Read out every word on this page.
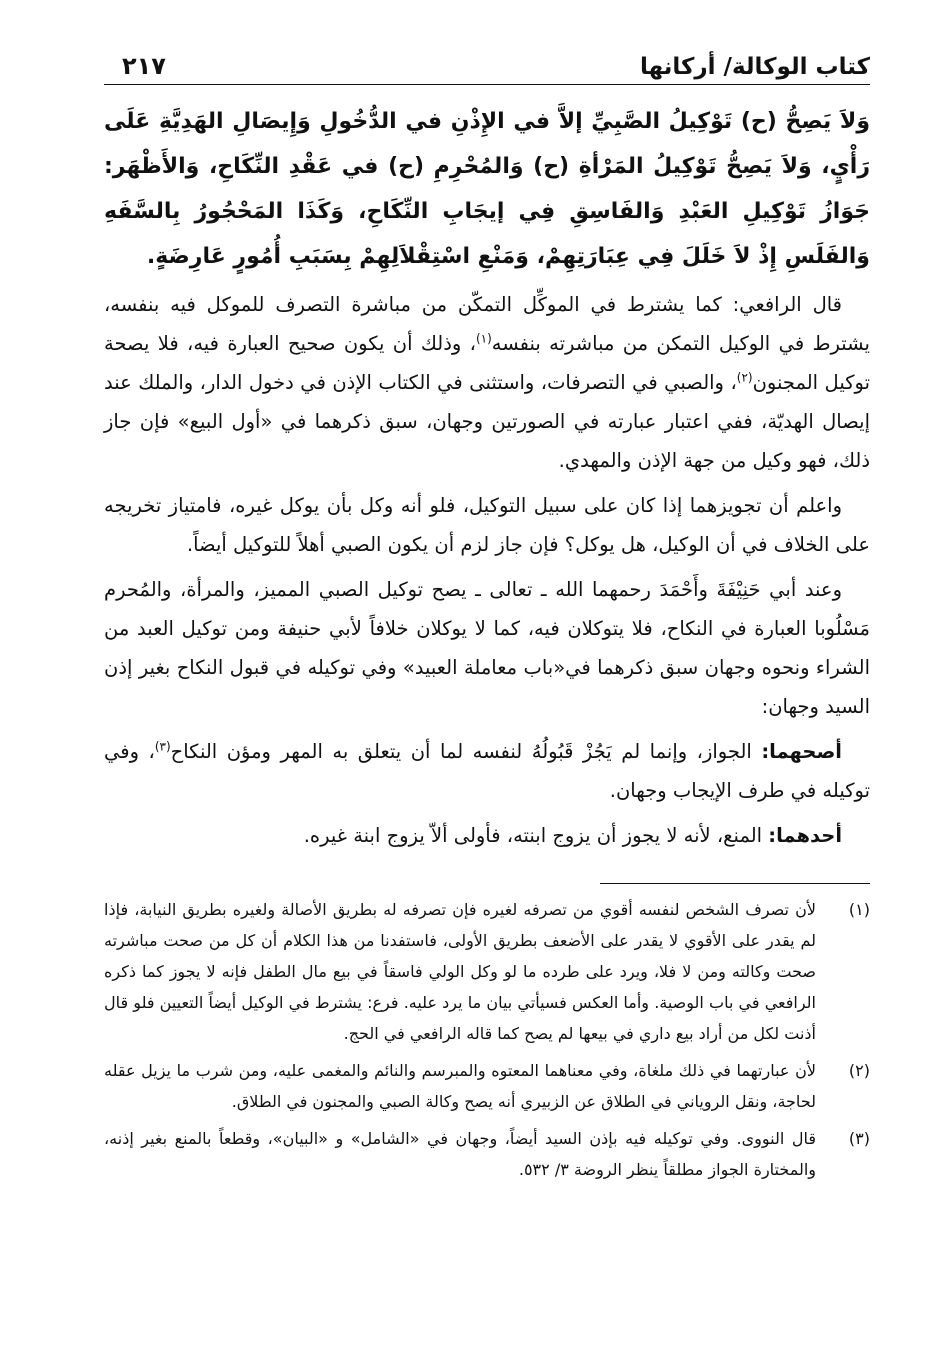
كتاب الوكالة/ أركانها
٢١٧

وَلاَ يَصِحُّ (ح) تَوْكِيلُ الصَّبِيِّ إلاَّ في الإِذْنِ في الدُّخُولِ وَإِيصَالِ الهَدِيَّةِ عَلَى رَأْيٍ، وَلاَ يَصِحُّ تَوْكِيلُ المَرْأةِ (ح) وَالمُحْرِمِ (ح) في عَقْدِ النِّكَاحِ، وَالأَظْهَر: جَوَازُ تَوْكِيلِ العَبْدِ وَالفَاسِقِ فِي إيجَابِ النِّكَاحِ، وَكَذَا المَحْجُورُ بِالسَّفَهِ وَالفَلَسِ إِذْ لاَ خَلَلَ فِي عِبَارَتِهِمْ، وَمَنْعِ اسْتِقْلاَلِهِمْ بِسَبَبِ أُمُورٍ عَارِضَةٍ.

قال الرافعي: كما يشترط في الموكِّل التمكّن من مباشرة التصرف للموكل فيه بنفسه، يشترط في الوكيل التمكن من مباشرته بنفسه$^{(١)}$، وذلك أن يكون صحيح العبارة فيه، فلا يصحة توكيل المجنون$^{(٢)}$، والصبي في التصرفات، واستثنى في الكتاب الإذن في دخول الدار، والملك عند إيصال الهديّة، ففي اعتبار عبارته في الصورتين وجهان، سبق ذكرهما في «أول البيع» فإن جاز ذلك، فهو وكيل من جهة الإذن والمهدي.

واعلم أن تجويزهما إذا كان على سبيل التوكيل، فلو أنه وكل بأن يوكل غيره، فامتياز تخريجه على الخلاف في أن الوكيل، هل يوكل؟ فإن جاز لزم أن يكون الصبي أهلاً للتوكيل أيضاً.

وعند أبي حَنِيْفَةَ وأَحْمَدَ رحمهما الله ـ تعالى ـ يصح توكيل الصبي المميز، والمرأة، والمُحرم مَسْلُوبا العبارة في النكاح، فلا يتوكلان فيه، كما لا يوكلان خلافاً لأبي حنيفة ومن توكيل العبد من الشراء ونحوه وجهان سبق ذكرهما في«باب معاملة العبيد» وفي توكيله في قبول النكاح بغير إذن السيد وجهان:

أصحهما: الجواز، وإنما لم يَجُزْ قَبُولُهُ لنفسه لما أن يتعلق به المهر ومؤن النكاح$^{(٣)}$، وفي توكيله في طرف الإيجاب وجهان.

أحدهما: المنع، لأنه لا يجوز أن يزوج ابنته، فأولى ألاّ يزوج ابنة غيره.

(١)
لأن تصرف الشخص لنفسه أقوي من تصرفه لغيره فإن تصرفه له بطريق الأصالة ولغيره بطريق النيابة، فإذا لم يقدر على الأقوي لا يقدر على الأضعف بطريق الأولى، فاستفدنا من هذا الكلام أن كل من صحت مباشرته صحت وكالته ومن لا فلا، ويرد على طرده ما لو وكل الولي فاسقاً في بيع مال الطفل فإنه لا يجوز كما ذكره الرافعي في باب الوصية. وأما العكس فسيأتي بيان ما يرد عليه. فرع: يشترط في الوكيل أيضاً التعيين فلو قال أذنت لكل من أراد بيع داري في بيعها لم يصح كما قاله الرافعي في الحج.
(٢)
لأن عبارتهما في ذلك ملغاة، وفي معناهما المعتوه والمبرسم والنائم والمغمى عليه، ومن شرب ما يزيل عقله لحاجة، ونقل الروياني في الطلاق عن الزبيري أنه يصح وكالة الصبي والمجنون في الطلاق.
(٣)
قال النووى. وفي توكيله فيه بإذن السيد أيضاً، وجهان في «الشامل» و «البيان»، وقطعاً بالمنع بغير إذنه، والمختارة الجواز مطلقاً ينظر الروضة ٣/ ٥٣٢.
